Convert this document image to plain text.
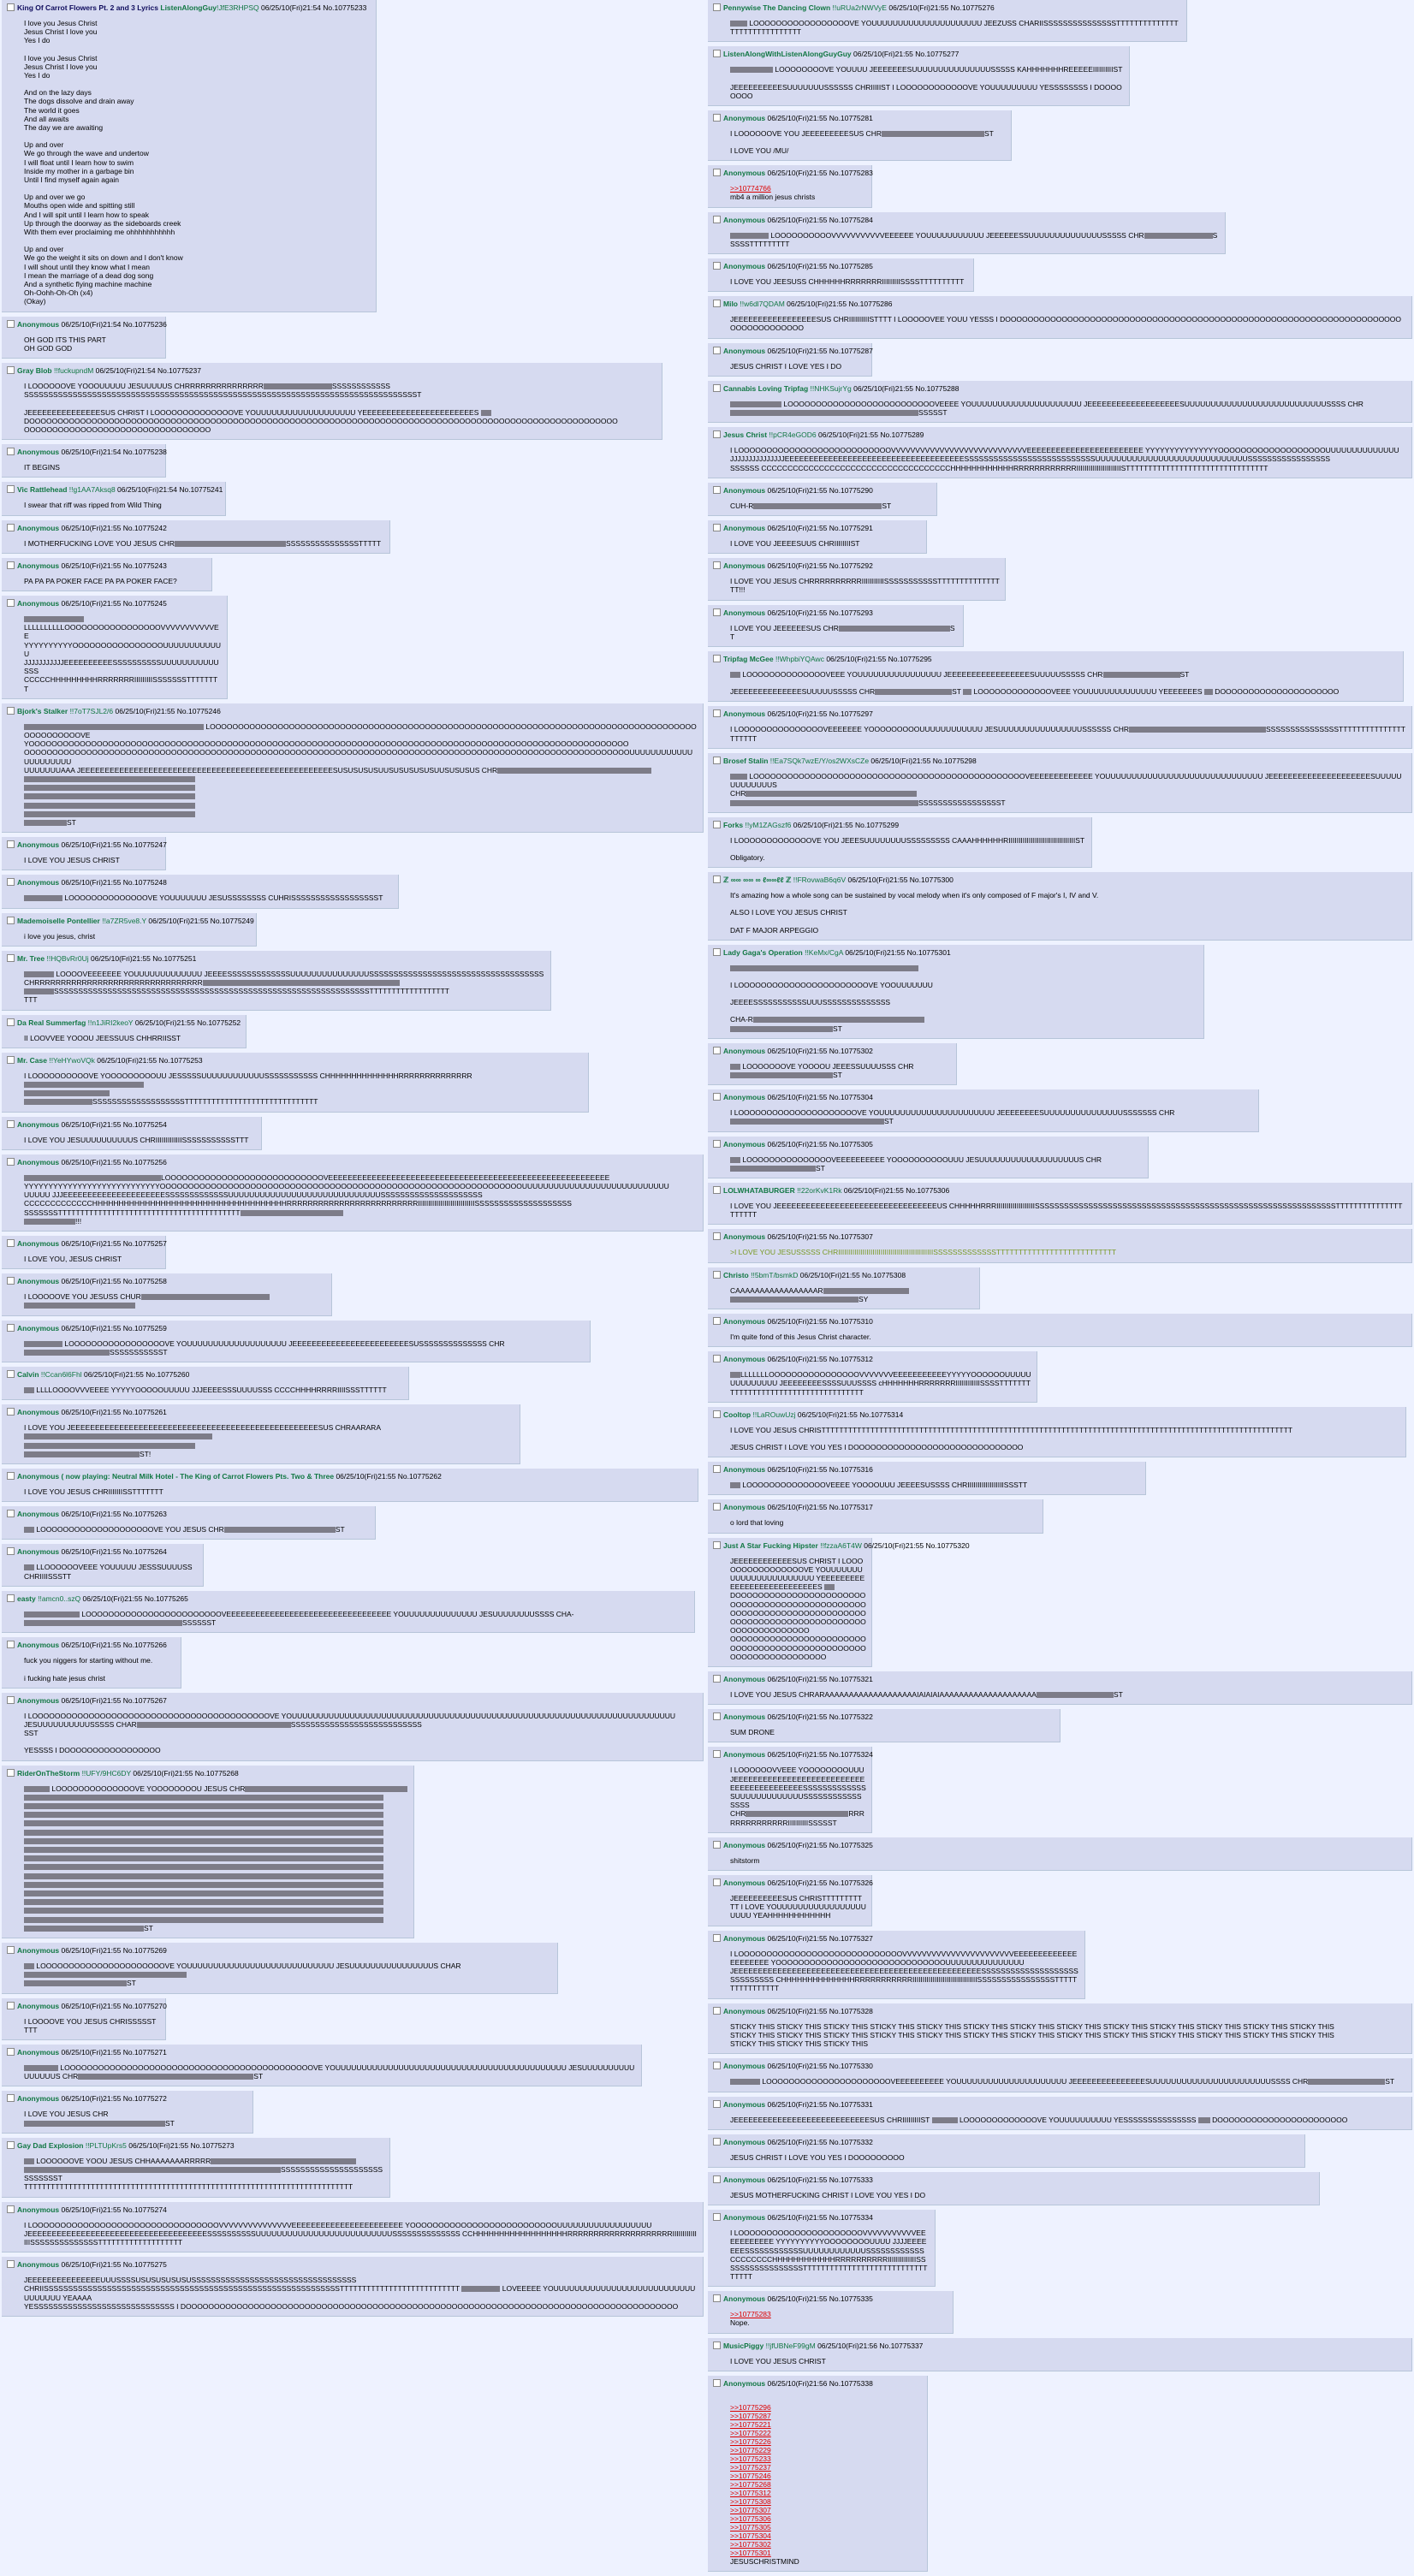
King Of Carrot Flowers Pt. 2 and 3 Lyrics ListenAlongGuy!JfE3RHPSQ 06/25/10(Fri)21:54 No.10775233
I love you Jesus Christ
Jesus Christ I love you
Yes I do
I love you Jesus Christ
Jesus Christ I love you
Yes I do
And on the lazy days
The dogs dissolve and drain away
The world it goes
And all awaits
The day we are awaiting
Up and over
We go through the wave and undertow
I will float until I learn how to swim
Inside my mother in a garbage bin
Until I find myself again again
Up and over we go
Mouths open wide and spitting still
And I will spit until I learn how to speak
Up through the doorway as the sideboards creek
With them ever proclaiming me ohhhhhhhhhhh
Up and over
We go the weight it sits on down and I don't know
I will shout until they know what I mean
I mean the marriage of a dead dog song
And a synthetic flying machine machine
Oh-Oohh-Oh-Oh (x4)
(Okay)
Anonymous 06/25/10(Fri)21:54 No.10775236
OH GOD ITS THIS PART
OH GOD GOD
Gray Blob !!fuckupndM 06/25/10(Fri)21:54 No.10775237
I LOOOOOOVE YOOOUUUUU JESUUUUUS CHRRRRRRRRRRRRRRR	SSSSSSSSSSSS
SSSSSSSSSSSSSSSSSSSSSSSSSSSSSSSSSSSSSSSSSSSSSSSSSSSSSSSSSSSSSSSSSSSSSSSSSSSSSSSSST
JEEEEEEEEEEEEEEESUS CHRIST I LOOOOOOOOOOOOOOVE YOUUUUUUUUUUUUUUUUUUU YEEEEEEEEEEEEEEEEEEEEEEES
DOOOOOOOOOOOOOOOOOOOOOOOOOOOOOOOOOOOOOOOOOOOOOOOOOOOOOOOOOOOOOOOOOOOOOOOOOOOOOOOOOOOOOOOOOOOOOOOOOOOOOOOO
OOOOOOOOOOOOOOOOOOOOOOOOOOOOOOOOO
Anonymous 06/25/10(Fri)21:54 No.10775238
IT BEGINS
Vic Rattlehead !!g1AA7Aksq8 06/25/10(Fri)21:54 No.10775241
I swear that riff was ripped from Wild Thing
Anonymous 06/25/10(Fri)21:55 No.10775242
I MOTHERFUCKING LOVE YOU JESUS CHR	SSSSSSSSSSSSSSSTTTTT
Anonymous 06/25/10(Fri)21:55 No.10775243
PA PA PA POKER FACE PA PA POKER FACE?
Anonymous 06/25/10(Fri)21:55 No.10775245
LLLLLLLLLLOOOOOOOOOOOOOOOOOVVVVVVVVVVVEE
YYYYYYYYYYOOOOOOOOOOOOOOOOUUUUUUUUUUUU
JJJJJJJJJJJEEEEEEEEEESSSSSSSSSSUUUUUUUUUUUSSS
CCCCCHHHHHHHHHRRRRRRRIIIIIIIIISSSSSSSTTTTTTTT
Bjork's Stalker !!7oT7SJL2/6 06/25/10(Fri)21:55 No.10775246
LOOOOOOOOOOOOOOOOOOOOOOOOOOOOOOOOOOOOOOOOOOOOOOOOOOOOOOOOOOOOOOOOOOOOOOOOOOOOOOOOOOOOOOOOOOOOOOOOVE
YOOOOOOOOOOOOOOOOOOOOOOOOOOOOOOOOOOOOOOOOOOOOOOOOOOOOOOOOOOOOOOOOOOOOOOOOOOOOOOOOOOOOOOOOOOOOOOOOOOOOOOOOOO
OOOOOOOOOOOOOOOOOOOOOOOOOOOOOOOOOOOOOOOOOOOOOOOOOOOOOOOOOOOOOOOOOOOOOOOOOOOOOOOOOOOOOOOOOOOOOOOOOOOOOOOOOOOUUUUUUUUUUUUUUUUUUUUU
UUUUUUUAAA JEEEEEEEEEEEEEEEEEEEEEEEEEEEEEEEEEEEEEEEEEEEEEEEEEEEESUSUSUSUSUUSUSUSUSUSUUSUSUSUS CHR
ST
Anonymous 06/25/10(Fri)21:55 No.10775247
I LOVE YOU JESUS CHRIST
Anonymous 06/25/10(Fri)21:55 No.10775248
LOOOOOOOOOOOOOOVE YOUUUUUUU JESUSSSSSSSS CUHRISSSSSSSSSSSSSSSSSST
Mademoiselle Pontellier !!a7ZR5ve8.Y 06/25/10(Fri)21:55 No.10775249
i love you jesus, christ
Mr. Tree !!HQBvRr0Uj 06/25/10(Fri)21:55 No.10775251
LOOOOVEEEEEEE YOUUUUUUUUUUUUU JEEEESSSSSSSSSSSSSUUUUUUUUUUUUUUUSSSSSSSSSSSSSSSSSSSSSSSSSSSSSSSSSSSS
CHRRRRRRRRRRRRRRRRRRRRRRRRRRRRRRRR
SSSSSSSSSSSSSSSSSSSSSSSSSSSSSSSSSSSSSSSSSSSSSSSSSSSSSSSSSSSSSSSSSTTTTTTTTTTTTTTTTTT
TTT
Da Real Summerfag !!n1JiRI2keoY 06/25/10(Fri)21:55 No.10775252
II LOOVVEE YOOOU JEESSUUS CHHRRIISST
Mr. Case !!YeHYwoVQk 06/25/10(Fri)21:55 No.10775253
I LOOOOOOOOOOVE YOOOOOOOOOUU JESSSSSUUUUUUUUUUUUSSSSSSSSSSS CHHHHHHHHHHHHHHRRRRRRRRRRRRRR
SSSSSSSSSSSSSSSSSSSTTTTTTTTTTTTTTTTTTTTTTTTTTTTTT
Anonymous 06/25/10(Fri)21:55 No.10775254
I LOVE YOU JESUUUUUUUUUUS CHRIIIIIIIIIIIIISSSSSSSSSSSTTT
Anonymous 06/25/10(Fri)21:55 No.10775256
LOOOOOOOOOOOOOOOOOOOOOOOOOOOOVEEEEEEEEEEEEEEEEEEEEEEEEEEEEEEEEEEEEEEEEEEEEEEEEEEEEEEEEEE
YYYYYYYYYYYYYYYYYYYYYYYYYYYYOOOOOOOOOOOOOOOOOOOOOOOOOOOOOOOOOOOOOOOOOOOOOOOOOOOOOOOOOOOOOOOOUUUUUUUUUUUUUUUUUUUUUUUUUUUU
UUUUU JJJEEEEEEEEEEEEEEEEEEEEESSSSSSSSSSSSSUUUUUUUUUUUUUUUUUUUUUUUUUUUUUSSSSSSSSSSSSSSSSSSSSS
CCCCCCCCCCCCCHHHHHHHHHHHHHHHHHHHHHHHHHHHHHHHHHHHHHRRRRRRRRRRRRRRRRRRRRRRRRRIIIIIIIIIIIIIIIIIIIIIIIIIIIISSSSSSSSSSSSSSSSSSSS
SSSSSSSTTTTTTTTTTTTTTTTTTTTTTTTTTTTTTTTTTTTTTTTT
!!!
Anonymous 06/25/10(Fri)21:55 No.10775257
I LOVE YOU, JESUS CHRIST
Anonymous 06/25/10(Fri)21:55 No.10775258
I LOOOOOVE YOU JESUSS CHUR
Anonymous 06/25/10(Fri)21:55 No.10775259
LOOOOOOOOOOOOOOOOOVE YOUUUUUUUUUUUUUUUUUUU JEEEEEEEEEEEEEEEEEEEEEEEESUSSSSSSSSSSSSSS CHRSSSSSSSSSSST
Calvin !!Ccan6l6Fhl 06/25/10(Fri)21:55 No.10775260
LLLLOOOOVVVEEEE YYYYYOOOOOUUUUU JJJEEEESSSUUUUSSS CCCCHHHHRRRRIIIISSSTTTTTT
Anonymous 06/25/10(Fri)21:55 No.10775261
I LOVE YOU JEEEEEEEEEEEEEEEEEEEEEEEEEEEEEEEEEEEEEEEEEEEEEEEEEEESUS CHRAARARA
ST!
Anonymous ( now playing: Neutral Milk Hotel - The King of Carrot Flowers Pts. Two & Three 06/25/10(Fri)21:55 No.10775262
I LOVE YOU JESUS CHRIIIIIIISSTTTTTTT
Anonymous 06/25/10(Fri)21:55 No.10775263
LOOOOOOOOOOOOOOOOOOOOVE YOU JESUS CHR	ST
Anonymous 06/25/10(Fri)21:55 No.10775264
LLOOOOOOVEEE YOUUUUU JESSSUUUUSS CHRIIIISSSTT
easty !!amcn0..szQ 06/25/10(Fri)21:55 No.10775265
LOOOOOOOOOOOOOOOOOOOOOOOOVEEEEEEEEEEEEEEEEEEEEEEEEEEEEEEEEEE YOUUUUUUUUUUUUUU JESUUUUUUUUSSSS CHA-
SSSSSST
Anonymous 06/25/10(Fri)21:55 No.10775266
fuck you niggers for starting without me.
i fucking hate jesus christ
Anonymous 06/25/10(Fri)21:55 No.10775267
I LOOOOOOOOOOOOOOOOOOOOOOOOOOOOOOOOOOOOOOOOOOVE YOUUUUUUUUUUUUUUUUUUUUUUUUUUUUUUUUUUUUUUUUUUUUUUUUUUUUUUUUUUUUUUUUUUUUUUUUU
JESUUUUUUUUUUSSSSS CHAR	SSSSSSSSSSSSSSSSSSSSSSSSSSS
SST
YESSSS I DOOOOOOOOOOOOOOOOO
RiderOnTheStorm !!UFY/9HC6DY 06/25/10(Fri)21:55 No.10775268
LOOOOOOOOOOOOOOVE YOOOOOOOOU JESUS CHR
ST
Anonymous 06/25/10(Fri)21:55 No.10775269
LOOOOOOOOOOOOOOOOOOOOOOVE YOUUUUUUUUUUUUUUUUUUUUUUUUUUUU JESUUUUUUUUUUUUUUUUS CHAR
ST
Anonymous 06/25/10(Fri)21:55 No.10775270
I LOOOOVE YOU JESUS CHRISSSSSTTTT
Anonymous 06/25/10(Fri)21:55 No.10775271
LOOOOOOOOOOOOOOOOOOOOOOOOOOOOOOOOOOOOOOOOOOOOVE YOUUUUUUUUUUUUUUUUUUUUUUUUUUUUUUUUUUUUUUUUUUUU JESUUUUUUUUUUUUUUUUS CHR	ST
Anonymous 06/25/10(Fri)21:55 No.10775272
I LOVE YOU JESUS CHRST
Gay Dad Explosion !!PLTUpKrs5 06/25/10(Fri)21:55 No.10775273
LOOOOOOVE YOOU JESUS CHHAAAAAAARRRRR
SSSSSSSSSSSSSSSSSSSSSSSSSSSST
TTTTTTTTTTTTTTTTTTTTTTTTTTTTTTTTTTTTTTTTTTTTTTTTTTTTTTTTTTTTTTTTTTTTTTTTTT
Anonymous 06/25/10(Fri)21:55 No.10775274
I LOOOOOOOOOOOOOOOOOOOOOOOOOOOOOOOOOVVVVVVVVVVVVVVVEEEEEEEEEEEEEEEEEEEEEEE YOOOOOOOOOOOOOOOOOOOOOOOOOOUUUUUUUUUUUUUUUUUU
JEEEEEEEEEEEEEEEEEEEEEEEEEEEEEEEEEEEEESSSSSSSSSSUUUUUUUUUUUUUUUUUUUUUUUUUUSSSSSSSSSSSSSS CCHHHHHHHHHHHHHHHHHHRRRRRRRRRRRRRRRRRRRRIIIIIIIIIIIIIIISSSSSSSSSSSSSSTTTTTTTTTTTTTTTTTTT
Anonymous 06/25/10(Fri)21:55 No.10775275
JEEEEEEEEEEEEEEEUUUSSSSUSUSUSUSUSUSSSSSSSSSSSSSSSSSSSSSSSSSSSSSSSSSS
CHRIISSSSSSSSSSSSSSSSSSSSSSSSSSSSSSSSSSSSSSSSSSSSSSSSSSSSSSSSSSSSSTTTTTTTTTTTTTTTTTTTTTTTTTTT	LOVEEEEE YOUUUUUUUUUUUUUUUUUUUUUUUUUUUUUUUUUU YEAAAA
YESSSSSSSSSSSSSSSSSSSSSSSSSSSSS I DOOOOOOOOOOOOOOOOOOOOOOOOOOOOOOOOOOOOOOOOOOOOOOOOOOOOOOOOOOOOOOOOOOOOOOOOOOOOOOOOOOOOOOO
Pennywise The Dancing Clown !!uRUa2rNWVyE 06/25/10(Fri)21:55 No.10775276
LOOOOOOOOOOOOOOOOOVE YOUUUUUUUUUUUUUUUUUUUUU JEEZUSS CHARIISSSSSSSSSSSSSSSTTTTTTTTTTTTTTTTTTTTTTTTTTTTTT
ListenAlongWithListenAlongGuyGuy 06/25/10(Fri)21:55 No.10775277
LOOOOOOOOVE YOUUUU JEEEEEEESUUUUUUUUUUUUUUUSSSSS KAHHHHHHHREEEEEIIIIIIIIIIST
JEEEEEEEEEESUUUUUUUSSSSSS CHRIIIIIST I LOOOOOOOOOOOOVE YOUUUUUUUUU YESSSSSSSS I DOOOOOOOO
Anonymous 06/25/10(Fri)21:55 No.10775281
I LOOOOOOVE YOU JEEEEEEEEESUS CHR	ST
I LOVE YOU /MU/
Anonymous 06/25/10(Fri)21:55 No.10775283
>>10774766
mb4 a million jesus christs
Anonymous 06/25/10(Fri)21:55 No.10775284
LOOOOOOOOOOVVVVVVVVVVVEEEEEE YOUUUUUUUUUUU JEEEEEESSUUUUUUUUUUUUUUSSSSS CHR	SSSSSTTTTTTTTT
Anonymous 06/25/10(Fri)21:55 No.10775285
I LOVE YOU JEESUSS CHHHHHHRRRRRRRIIIIIIIIISSSSTTTTTTTTTT
Milo !!w6dl7QDAM 06/25/10(Fri)21:55 No.10775286
JEEEEEEEEEEEEEEEEESUS CHRIIIIIIIIIISTTTT I LOOOOOVEE YOUU YESSS I DOOOOOOOOOOOOOOOOOOOOOOOOOOOOOOOOOOOOOOOOOOOOOOOOOOOOOOOOOOOOOOOOOOOOOOOOOOOOOOOOOOO
Anonymous 06/25/10(Fri)21:55 No.10775287
JESUS CHRIST I LOVE YES I DO
Cannabis Loving Tripfag !!NHKSujrYg 06/25/10(Fri)21:55 No.10775288
LOOOOOOOOOOOOOOOOOOOOOOOOOOVEEEE YOUUUUUUUUUUUUUUUUUUUUU JEEEEEEEEEEEEEEEEEEESUUUUUUUUUUUUUUUUUUUUUUUUUUUSSSS CHRSSSSST
Jesus Christ !!pCR4eGOD6 06/25/10(Fri)21:55 No.10775289
I LOOOOOOOOOOOOOOOOOOOOOOOOOOOVVVVVVVVVVVVVVVVVVVVVVVVVVVVEEEEEEEEEEEEEEEEEEEEEEEE YYYYYYYYYYYYYYYOOOOOOOOOOOOOOOOOOOUUUUUUUUUUUUUU
JJJJJJJJJJJJJJJEEEEEEEEEEEEEEEEEEEEEEEEEEEEEEEEEEEEESSSSSSSSSSSSSSSSSSSSSSSSSSSUUUUUUUUUUUUUUUUUUUUUUUUUUUUUSSSSSSSSSSSSSSSSS
SSSSSS CCCCCCCCCCCCCCCCCCCCCCCCCCCCCCCCCCCCHHHHHHHHHHHHRRRRRRRRRRRRIIIIIIIIIIIIIIIIIIIIIISTTTTTTTTTTTTTTTTTTTTTTTTTTTTTTTT
Anonymous 06/25/10(Fri)21:55 No.10775290
CUH-R	ST
Anonymous 06/25/10(Fri)21:55 No.10775291
I LOVE YOU JEEEESUUS CHRIIIIIIIIST
Anonymous 06/25/10(Fri)21:55 No.10775292
I LOVE YOU JESUS CHRRRRRRRRRRIIIIIIIIIIISSSSSSSSSSSTTTTTTTTTTTTTTTT!!!
Anonymous 06/25/10(Fri)21:55 No.10775293
I LOVE YOU JEEEEEESUS CHR	ST
Tripfag McGee !!WhpbiYQAwc 06/25/10(Fri)21:55 No.10775295
LOOOOOOOOOOOOOOVEEE YOUUUUUUUUUUUUUUUU JEEEEEEEEEEEEEEEEESUUUUUSSSSS CHR	ST
JEEEEEEEEEEEEEESUUUUUSSSSS CHR	ST  LOOOOOOOOOOOOOVEEE YOUUUUUUUUUUUUUU YEEEEEEES  DOOOOOOOOOOOOOOOOOOOOO
Anonymous 06/25/10(Fri)21:55 No.10775297
I LOOOOOOOOOOOOOOOVEEEEEEE YOOOOOOOOOUUUUUUUUUUUU JESUUUUUUUUUUUUUUUUSSSSSS CHR	SSSSSSSSSSSSSSSTTTTTTTTTTTTTTTTTTTTT
Brosef Stalin !!Ea7SQk7wzE/Y/os2WXsCZe 06/25/10(Fri)21:55 No.10775298
LOOOOOOOOOOOOOOOOOOOOOOOOOOOOOOOOOOOOOOOOOOOOOOOOVEEEEEEEEEEEEE YOUUUUUUUUUUUUUUUUUUUUUUUUUUUUUU JEEEEEEEEEEEEEEEEEEEEESUUUUUUUUUUUUUS
CHR
SSSSSSSSSSSSSSSSST
Forks !!yM1ZAGszf6 06/25/10(Fri)21:55 No.10775299
I LOOOOOOOOOOOOOVE YOU JEEESUUUUUUUUSSSSSSSSS CAAAHHHHHHRIIIIIIIIIIIIIIIIIIIIIIIIIIIIIIIIIST
Obligatory.
ℤ ∞∞ ∞∞ ∞ ℓ∞∞ℓℓ ℤ !!FRovwaB6q6V 06/25/10(Fri)21:55 No.10775300
It's amazing how a whole song can be sustained by vocal melody when it's only composed of F major's I, IV and V.
ALSO I LOVE YOU JESUS CHRIST
DAT F MAJOR ARPEGGIO
Lady Gaga's Operation !!KeMx/CgA 06/25/10(Fri)21:55 No.10775301
I LOOOOOOOOOOOOOOOOOOOOOOOVE YOOUUUUUUU
JEEEESSSSSSSSSSSUUUSSSSSSSSSSSSSS
CHA-R
ST
Anonymous 06/25/10(Fri)21:55 No.10775302
LOOOOOOOVE YOOOOU JEEESSUUUUSSS CHRST
Anonymous 06/25/10(Fri)21:55 No.10775304
I LOOOOOOOOOOOOOOOOOOOOOVE YOUUUUUUUUUUUUUUUUUUUUUU JEEEEEEEESUUUUUUUUUUUUUUUSSSSSSS CHRST
Anonymous 06/25/10(Fri)21:55 No.10775305
LOOOOOOOOOOOOOOOVEEEEEEEEEE YOOOOOOOOOOUUU JESUUUUUUUUUUUUUUUUUUUS CHRST
LOLWHATABURGER !!22orKvK1Rk 06/25/10(Fri)21:55 No.10775306
I LOVE YOU JEEEEEEEEEEEEEEEEEEEEEEEEEEEEEEEEEUS CHHHHHRRRIIIIIIIIIIIIIIIIIIISSSSSSSSSSSSSSSSSSSSSSSSSSSSSSSSSSSSSSSSSSSSSSSSSSSSSSSSSSSSSSTTTTTTTTTTTTTTTTTTTTT
Anonymous 06/25/10(Fri)21:55 No.10775307
>I LOVE YOU JESUSSSSS CHRIIIIIIIIIIIIIIIIIIIIIIIIIIIIIIIIIIIIIIIIIIIIIIISSSSSSSSSSSSSTTTTTTTTTTTTTTTTTTTTTTTTTTT
Christo !!5bmT/bsmkD 06/25/10(Fri)21:55 No.10775308
CAAAAAAAAAAAAAAAAAR
SY
Anonymous 06/25/10(Fri)21:55 No.10775310
I'm quite fond of this Jesus Christ character.
Anonymous 06/25/10(Fri)21:55 No.10775312
LLLLLLLOOOOOOOOOOOOOOOOVVVVVVVEEEEEEEEEEEYYYYYOOOOOOUUUUUUUUUUUUUU JEEEEEEEESSSSUUUSSSS cHHHHHHHRRRRRRRIIIIIIIIIIIISSSSTTTTTTTTTTTTTTTTTTTTTTTTTTTTTTTTTTTTT
Cooltop !!LaROuwUzj 06/25/10(Fri)21:55 No.10775314
I LOVE YOU JESUS CHRISTTTTTTTTTTTTTTTTTTTTTTTTTTTTTTTTTTTTTTTTTTTTTTTTTTTTTTTTTTTTTTTTTTTTTTTTTTTTTTTTTTTTTTTTTTTTTTTTTTTTTTTTTT
JESUS CHRIST I LOVE YOU YES I DOOOOOOOOOOOOOOOOOOOOOOOOOOOOOO
Anonymous 06/25/10(Fri)21:55 No.10775316
LOOOOOOOOOOOOOOVEEEE YOOOOUUU JEEEESUSSSS CHRIIIIIIIIIIIIIIIIIISSSTT
Anonymous 06/25/10(Fri)21:55 No.10775317
o lord that loving
Just A Star Fucking Hipster !!fzzaA6T4W 06/25/10(Fri)21:55 No.10775320
JEEEEEEEEEEEESUS CHRIST I LOOOOOOOOOOOOOOOOVE YOUUUUUUUUUUUUUUUUUUUUUUU YEEEEEEEEEEEEEEEEEEEEEEEEEEES
DOOOOOOOOOOOOOOOOOOOOOOOOOOOOOOOOOOOOOOOOOOOOOOOOOOOOOOOOOOOOOOOOOOOOOOOOOOOOOOOOOOOOOOOOOOOOOOOOOOOOOOOOOOOOO
OOOOOOOOOOOOOOOOOOOOOOOOOOOOOOOOOOOOOOOOOOOOOOOOOOOOOOOOOOOOOOOOO
Anonymous 06/25/10(Fri)21:55 No.10775321
I LOVE YOU JESUS CHRARAAAAAAAAAAAAAAAAAAAIAIAIAIAAAAAAAAAAAAAAAAAAAA	ST
Anonymous 06/25/10(Fri)21:55 No.10775322
SUM DRONE
Anonymous 06/25/10(Fri)21:55 No.10775324
I LOOOOOOVVEEE YOOOOOOOOUUU JEEEEEEEEEEEEEEEEEEEEEEEEEEEEEEEEEEEEEEEEEESSSSSSSSSSSSSSUUUUUUUUUUUUUSSSSSSSSSSSSSSSS
CHR	RRRRRRRRRRRRRRIIIIIIIIIISSSSST
Anonymous 06/25/10(Fri)21:55 No.10775325
shitstorm
Anonymous 06/25/10(Fri)21:55 No.10775326
JEEEEEEEEEESUS CHRISTTTTTTTTTTT I LOVE YOUUUUUUUUUUUUUUUUUUUUU YEAHHHHHHHHHHHH
Anonymous 06/25/10(Fri)21:55 No.10775327
I LOOOOOOOOOOOOOOOOOOOOOOOOOOOOOVVVVVVVVVVVVVVVVVVVVVVVEEEEEEEEEEEEEEEEEEEEE YOOOOOOOOOOOOOOOOOOOOOOOOOOOOOOUUUUUUUUUUUUUUU
JEEEEEEEEEEEEEEEEEEEEEEEEEEEEEEEEEEEEEEEEEEEEEEEEEEESSSSSSSSSSSSSSSSSSSSSSSSSSSSS CHHHHHHHHHHHHHHRRRRRRRRRRRIIIIIIIIIIIIIIIIIIIIIIIIIIIIIIIISSSSSSSSSSSSSSSSTTTTTTTTTTTTTTTT
Anonymous 06/25/10(Fri)21:55 No.10775328
STICKY THIS STICKY THIS STICKY THIS STICKY THIS STICKY THIS STICKY THIS STICKY THIS STICKY THIS STICKY THIS STICKY THIS STICKY THIS STICKY THIS STICKY THIS
STICKY THIS STICKY THIS STICKY THIS STICKY THIS STICKY THIS STICKY THIS STICKY THIS STICKY THIS STICKY THIS STICKY THIS STICKY THIS STICKY THIS STICKY THIS
STICKY THIS STICKY THIS STICKY THIS
Anonymous 06/25/10(Fri)21:55 No.10775330
LOOOOOOOOOOOOOOOOOOOOOOVEEEEEEEEEE YOUUUUUUUUUUUUUUUUUUUUU JEEEEEEEEEEEEEEESUUUUUUUUUUUUUUUUUUUUUUUSSSS CHR	ST
Anonymous 06/25/10(Fri)21:55 No.10775331
JEEEEEEEEEEEEEEEEEEEEEEEEEEEESUS CHRIIIIIIIIIST	LOOOOOOOOOOOOOVE YOUUUUUUUUUU YESSSSSSSSSSSSSSS  DOOOOOOOOOOOOOOOOOOOOOOO
Anonymous 06/25/10(Fri)21:55 No.10775332
JESUS CHRIST I LOVE YOU YES I DOOOOOOOOO
Anonymous 06/25/10(Fri)21:55 No.10775333
JESUS MOTHERFUCKING CHRIST I LOVE YOU YES I DO
Anonymous 06/25/10(Fri)21:55 No.10775334
I LOOOOOOOOOOOOOOOOOOOOOOVVVVVVVVVVVEEEEEEEEEEE YYYYYYYYYYOOOOOOOOUUUU JJJJEEEEEEESSSSSSSSSSSSUUUUUUUUUUUUSSSSSSSSSSSS
CCCCCCCCHHHHHHHHHHHHRRRRRRRRRRIIIIIIIIIIIIIISSSSSSSSSSSSSSSSSTTTTTTTTTTTTTTTTTTTTTTTTTTTTTTTTT
Anonymous 06/25/10(Fri)21:55 No.10775335
>>10775283
Nope.
MusicPiggy !!jfUBNeF99gM 06/25/10(Fri)21:56 No.10775337
I LOVE YOU JESUS CHRIST
Anonymous 06/25/10(Fri)21:56 No.10775338
>>10775296
>>10775287
>>10775221
>>10775222
>>10775226
>>10775229
>>10775233
>>10775237
>>10775246
>>10775268
>>10775312
>>10775308
>>10775307
>>10775306
>>10775305
>>10775304
>>10775302
>>10775301
JESUSCHRISTMIND
